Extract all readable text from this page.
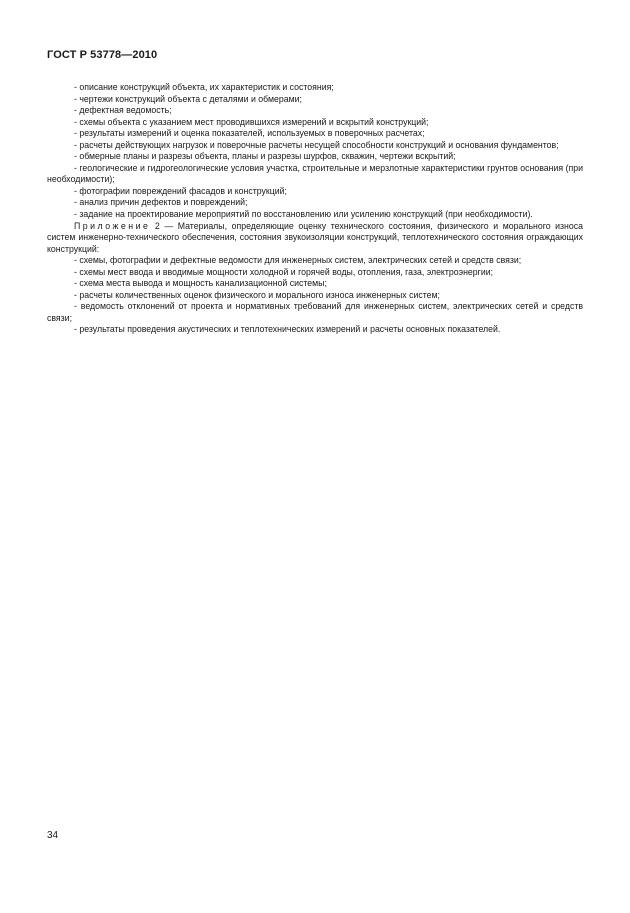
ГОСТ Р 53778—2010

- описание конструкций объекта, их характеристик и состояния;

- чертежи конструкций объекта с деталями и обмерами;

- дефектная ведомость;

- схемы объекта с указанием мест проводившихся измерений и вскрытий конструкций;

- результаты измерений и оценка показателей, используемых в поверочных расчетах;

- расчеты действующих нагрузок и поверочные расчеты несущей способности конструкций и основания фундаментов;

- обмерные планы и разрезы объекта, планы и разрезы шурфов, скважин, чертежи вскрытий;

- геологические и гидрогеологические условия участка, строительные и мерзлотные характеристики грунтов основания (при необходимости);

- фотографии повреждений фасадов и конструкций;

- анализ причин дефектов и повреждений;

- задание на проектирование мероприятий по восстановлению или усилению конструкций (при необходимости).

Приложение 2 — Материалы, определяющие оценку технического состояния, физического и морального износа систем инженерно-технического обеспечения, состояния звукоизоляции конструкций, теплотехнического состояния ограждающих конструкций:

- схемы, фотографии и дефектные ведомости для инженерных систем, электрических сетей и средств связи;

- схемы мест ввода и вводимые мощности холодной и горячей воды, отопления, газа, электроэнергии;

- схема места вывода и мощность канализационной системы;

- расчеты количественных оценок физического и морального износа инженерных систем;

- ведомость отклонений от проекта и нормативных требований для инженерных систем, электрических сетей и средств связи;

- результаты проведения акустических и теплотехнических измерений и расчеты основных показателей.

34
